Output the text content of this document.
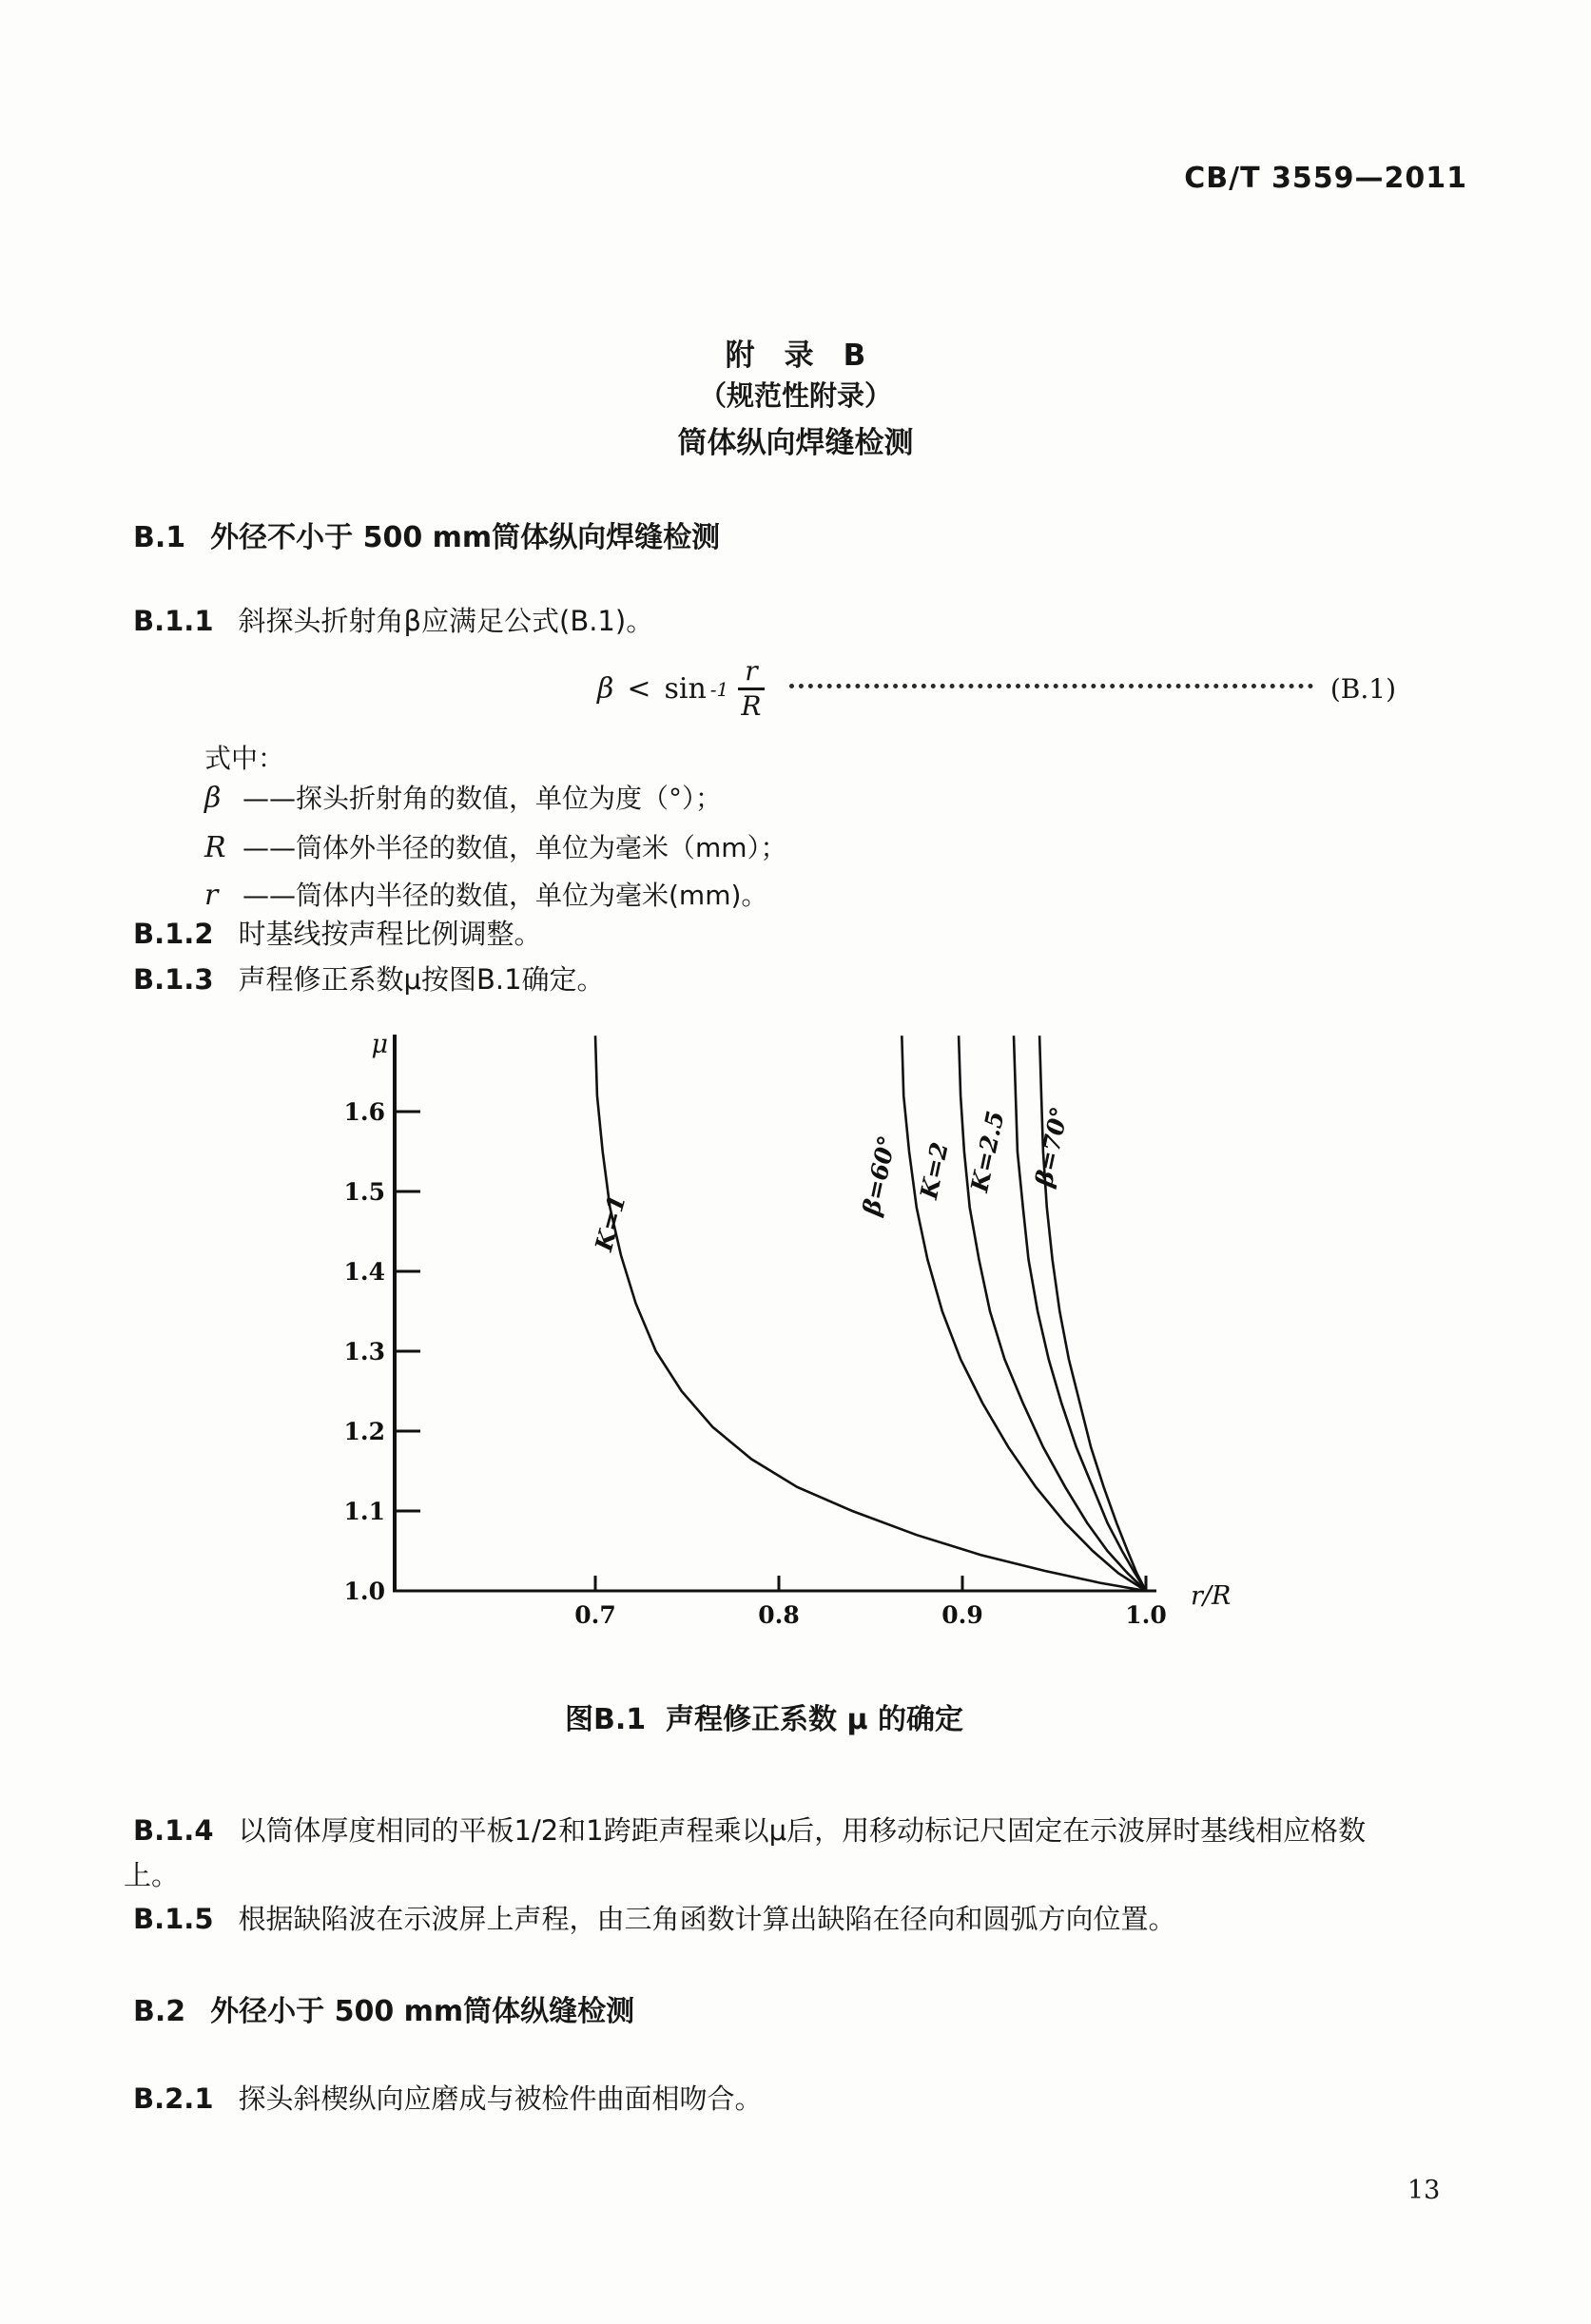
CB/T 3559—2011
附　录　B
（规范性附录）
筒体纵向焊缝检测
B.1 外径不小于 500 mm筒体纵向焊缝检测
B.1.1 斜探头折射角β应满足公式(B.1)。
$\beta < \sin -1 \frac{r}{R}$	(B.1)
式中：
β ——探头折射角的数值，单位为度（°）；
R ——筒体外半径的数值，单位为毫米（mm）；
r ——筒体内半径的数值，单位为毫米(mm)。
B.1.2 时基线按声程比例调整。
B.1.3 声程修正系数μ按图B.1确定。
1.0
1.1
1.2
1.3
1.4
1.5
1.6
0.7	0.8	0.9	1.0
μ
r/R
K=1
β=60° K=2 K=2.5 β=70°
图B.1 声程修正系数 μ 的确定
B.1.4 以筒体厚度相同的平板1/2和1跨距声程乘以μ后，用移动标记尺固定在示波屏时基线相应格数
上。
B.1.5 根据缺陷波在示波屏上声程，由三角函数计算出缺陷在径向和圆弧方向位置。
B.2 外径小于 500 mm筒体纵缝检测
B.2.1 探头斜楔纵向应磨成与被检件曲面相吻合。
13
